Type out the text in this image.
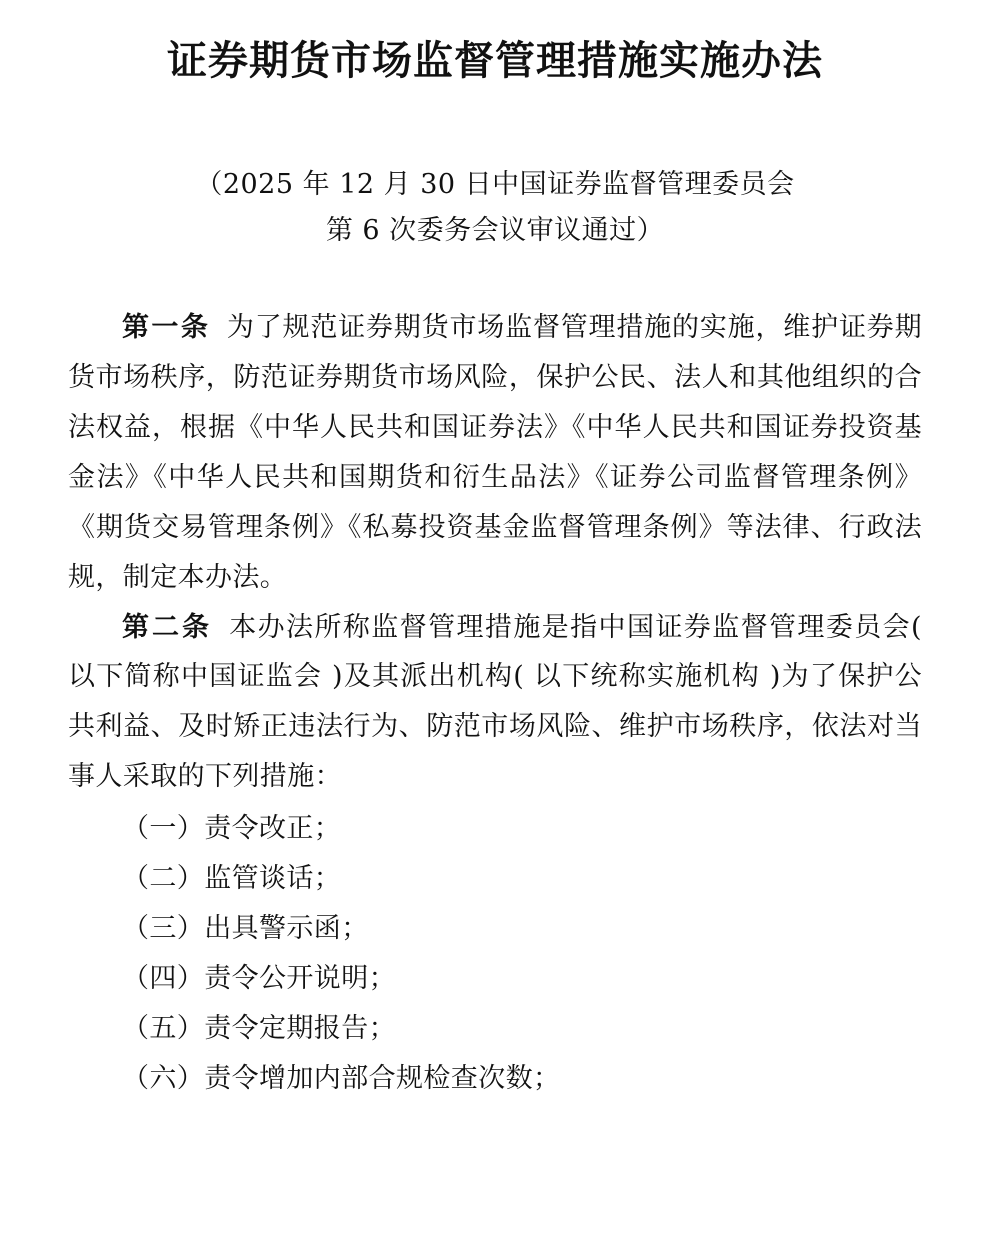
证券期货市场监督管理措施实施办法
（2025 年 12 月 30 日中国证券监督管理委员会
第 6 次委务会议审议通过）

第一条 为了规范证券期货市场监督管理措施的实施，维护证券期货市场秩序，防范证券期货市场风险，保护公民、法人和其他组织的合法权益，根据《中华人民共和国证券法》《中华人民共和国证券投资基金法》《中华人民共和国期货和衍生品法》《证券公司监督管理条例》《期货交易管理条例》《私募投资基金监督管理条例》等法律、行政法规，制定本办法。

第二条 本办法所称监督管理措施是指中国证券监督管理委员会( 以下简称中国证监会 )及其派出机构( 以下统称实施机构 )为了保护公共利益、及时矫正违法行为、防范市场风险、维护市场秩序，依法对当事人采取的下列措施：

（一）责令改正；

（二）监管谈话；

（三）出具警示函；

（四）责令公开说明；

（五）责令定期报告；

（六）责令增加内部合规检查次数；
